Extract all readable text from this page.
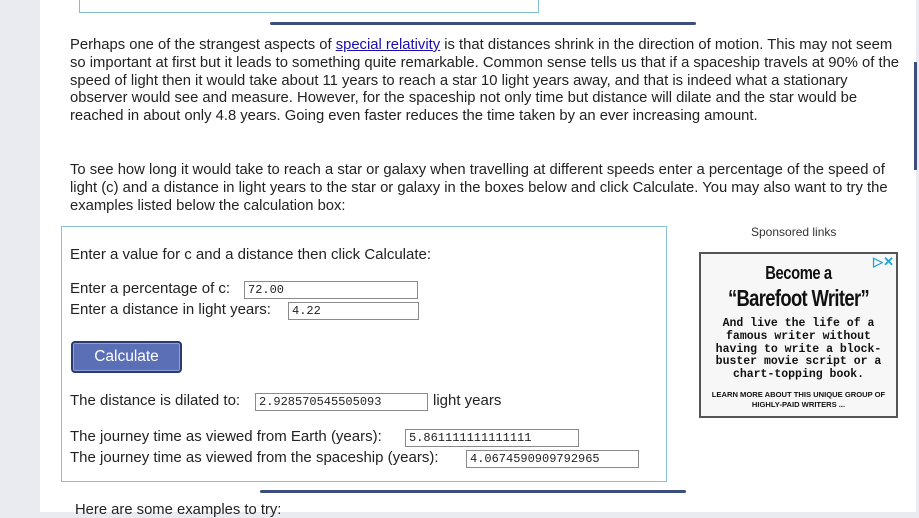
Perhaps one of the strangest aspects of special relativity is that distances shrink in the direction of motion. This may not seem so important at first but it leads to something quite remarkable. Common sense tells us that if a spaceship travels at 90% of the speed of light then it would take about 11 years to reach a star 10 light years away, and that is indeed what a stationary observer would see and measure. However, for the spaceship not only time but distance will dilate and the star would be reached in about only 4.8 years. Going even faster reduces the time taken by an ever increasing amount.

To see how long it would take to reach a star or galaxy when travelling at different speeds enter a percentage of the speed of light (c) and a distance in light years to the star or galaxy in the boxes below and click Calculate. You may also want to try the examples listed below the calculation box:

Enter a value for c and a distance then click Calculate:
Enter a percentage of c:
72.00
Enter a distance in light years:
4.22
Calculate
The distance is dilated to:
2.928570545505093	light years
The journey time as viewed from Earth (years):
5.861111111111111
The journey time as viewed from the spaceship (years):
4.0674590909792965
Sponsored links
▷✕
Become a
“Barefoot Writer”
And live the life of a famous writer without having to write a block-buster movie script or a chart-topping book.
LEARN MORE ABOUT THIS UNIQUE GROUP OF HIGHLY-PAID WRITERS ...
Here are some examples to try:
